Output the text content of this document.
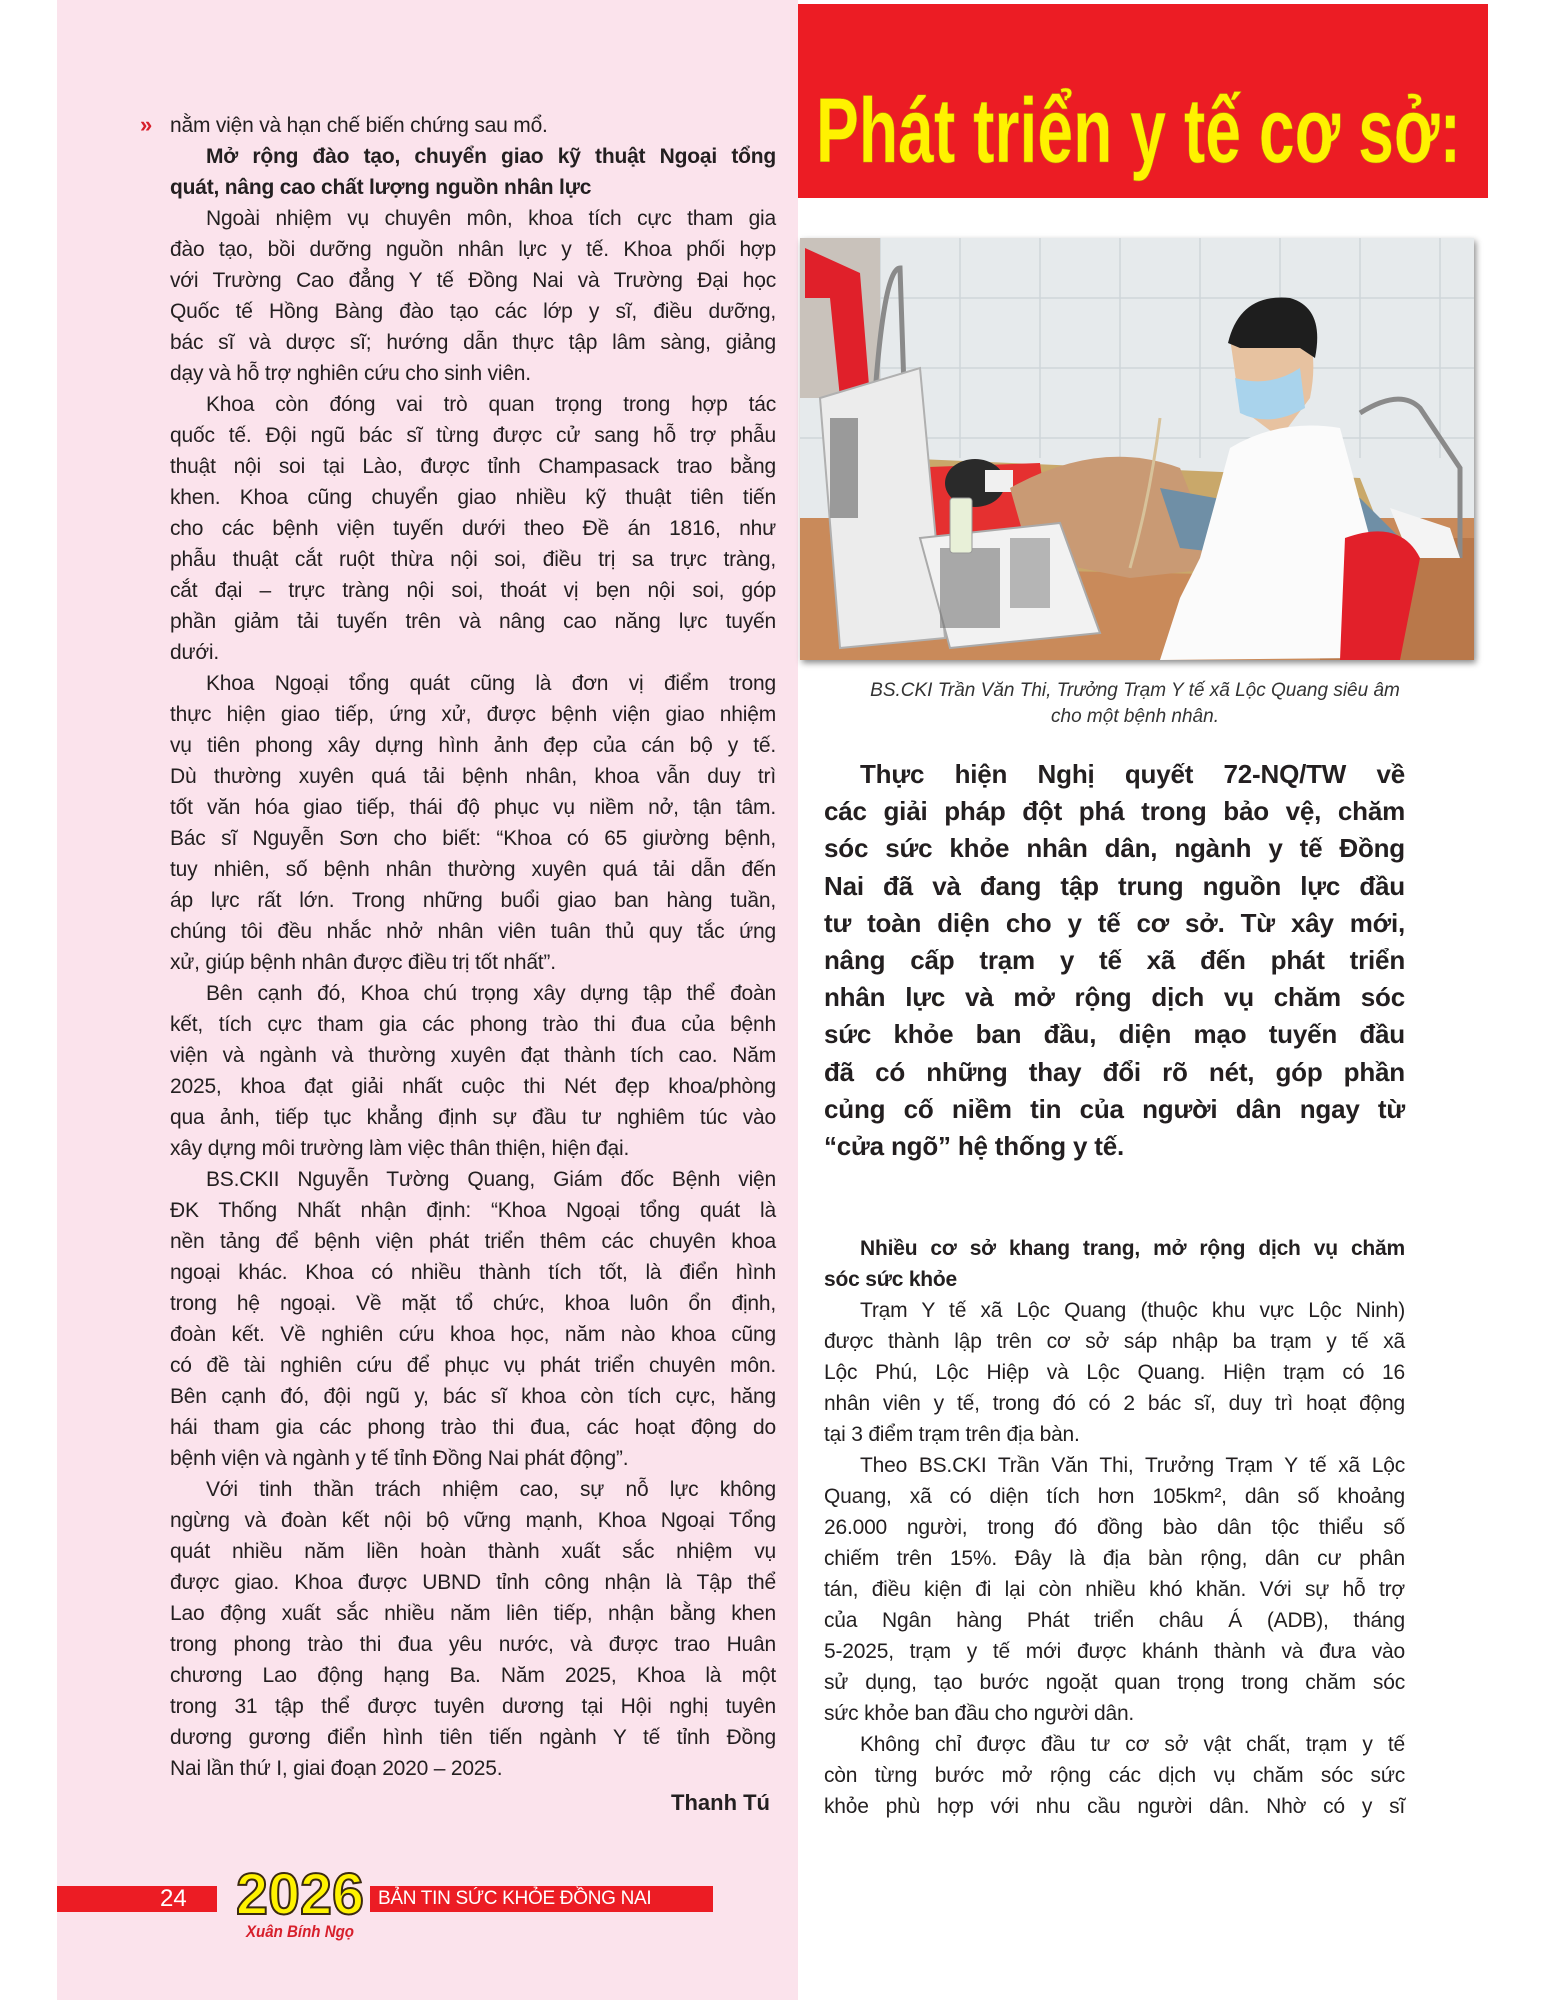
» nằm viện và hạn chế biến chứng sau mổ.
Mở rộng đào tạo, chuyển giao kỹ thuật Ngoại tổng
quát, nâng cao chất lượng nguồn nhân lực
Ngoài nhiệm vụ chuyên môn, khoa tích cực tham gia
đào tạo, bồi dưỡng nguồn nhân lực y tế. Khoa phối hợp
với Trường Cao đẳng Y tế Đồng Nai và Trường Đại học
Quốc tế Hồng Bàng đào tạo các lớp y sĩ, điều dưỡng,
bác sĩ và dược sĩ; hướng dẫn thực tập lâm sàng, giảng
dạy và hỗ trợ nghiên cứu cho sinh viên.
Khoa còn đóng vai trò quan trọng trong hợp tác
quốc tế. Đội ngũ bác sĩ từng được cử sang hỗ trợ phẫu
thuật nội soi tại Lào, được tỉnh Champasack trao bằng
khen. Khoa cũng chuyển giao nhiều kỹ thuật tiên tiến
cho các bệnh viện tuyến dưới theo Đề án 1816, như
phẫu thuật cắt ruột thừa nội soi, điều trị sa trực tràng,
cắt đại – trực tràng nội soi, thoát vị bẹn nội soi, góp
phần giảm tải tuyến trên và nâng cao năng lực tuyến
dưới.
Khoa Ngoại tổng quát cũng là đơn vị điểm trong
thực hiện giao tiếp, ứng xử, được bệnh viện giao nhiệm
vụ tiên phong xây dựng hình ảnh đẹp của cán bộ y tế.
Dù thường xuyên quá tải bệnh nhân, khoa vẫn duy trì
tốt văn hóa giao tiếp, thái độ phục vụ niềm nở, tận tâm.
Bác sĩ Nguyễn Sơn cho biết: “Khoa có 65 giường bệnh,
tuy nhiên, số bệnh nhân thường xuyên quá tải dẫn đến
áp lực rất lớn. Trong những buổi giao ban hàng tuần,
chúng tôi đều nhắc nhở nhân viên tuân thủ quy tắc ứng
xử, giúp bệnh nhân được điều trị tốt nhất”.
Bên cạnh đó, Khoa chú trọng xây dựng tập thể đoàn
kết, tích cực tham gia các phong trào thi đua của bệnh
viện và ngành và thường xuyên đạt thành tích cao. Năm
2025, khoa đạt giải nhất cuộc thi Nét đẹp khoa/phòng
qua ảnh, tiếp tục khẳng định sự đầu tư nghiêm túc vào
xây dựng môi trường làm việc thân thiện, hiện đại.
BS.CKII Nguyễn Tường Quang, Giám đốc Bệnh viện
ĐK Thống Nhất nhận định: “Khoa Ngoại tổng quát là
nền tảng để bệnh viện phát triển thêm các chuyên khoa
ngoại khác. Khoa có nhiều thành tích tốt, là điển hình
trong hệ ngoại. Về mặt tổ chức, khoa luôn ổn định,
đoàn kết. Về nghiên cứu khoa học, năm nào khoa cũng
có đề tài nghiên cứu để phục vụ phát triển chuyên môn.
Bên cạnh đó, đội ngũ y, bác sĩ khoa còn tích cực, hăng
hái tham gia các phong trào thi đua, các hoạt động do
bệnh viện và ngành y tế tỉnh Đồng Nai phát động”.
Với tinh thần trách nhiệm cao, sự nỗ lực không
ngừng và đoàn kết nội bộ vững mạnh, Khoa Ngoại Tổng
quát nhiều năm liền hoàn thành xuất sắc nhiệm vụ
được giao. Khoa được UBND tỉnh công nhận là Tập thể
Lao động xuất sắc nhiều năm liên tiếp, nhận bằng khen
trong phong trào thi đua yêu nước, và được trao Huân
chương Lao động hạng Ba. Năm 2025, Khoa là một
trong 31 tập thể được tuyên dương tại Hội nghị tuyên
dương gương điển hình tiên tiến ngành Y tế tỉnh Đồng
Nai lần thứ I, giai đoạn 2020 – 2025.
Thanh Tú
Phát triển y tế cơ sở:
BS.CKI Trần Văn Thi, Trưởng Trạm Y tế xã Lộc Quang siêu âm
cho một bệnh nhân.
Thực hiện Nghị quyết 72-NQ/TW về
các giải pháp đột phá trong bảo vệ, chăm
sóc sức khỏe nhân dân, ngành y tế Đồng
Nai đã và đang tập trung nguồn lực đầu
tư toàn diện cho y tế cơ sở. Từ xây mới,
nâng cấp trạm y tế xã đến phát triển
nhân lực và mở rộng dịch vụ chăm sóc
sức khỏe ban đầu, diện mạo tuyến đầu
đã có những thay đổi rõ nét, góp phần
củng cố niềm tin của người dân ngay từ
“cửa ngõ” hệ thống y tế.
Nhiều cơ sở khang trang, mở rộng dịch vụ chăm
sóc sức khỏe
Trạm Y tế xã Lộc Quang (thuộc khu vực Lộc Ninh)
được thành lập trên cơ sở sáp nhập ba trạm y tế xã
Lộc Phú, Lộc Hiệp và Lộc Quang. Hiện trạm có 16
nhân viên y tế, trong đó có 2 bác sĩ, duy trì hoạt động
tại 3 điểm trạm trên địa bàn.
Theo BS.CKI Trần Văn Thi, Trưởng Trạm Y tế xã Lộc
Quang, xã có diện tích hơn 105km², dân số khoảng
26.000 người, trong đó đồng bào dân tộc thiểu số
chiếm trên 15%. Đây là địa bàn rộng, dân cư phân
tán, điều kiện đi lại còn nhiều khó khăn. Với sự hỗ trợ
của Ngân hàng Phát triển châu Á (ADB), tháng
5-2025, trạm y tế mới được khánh thành và đưa vào
sử dụng, tạo bước ngoặt quan trọng trong chăm sóc
sức khỏe ban đầu cho người dân.
Không chỉ được đầu tư cơ sở vật chất, trạm y tế
còn từng bước mở rộng các dịch vụ chăm sóc sức
khỏe phù hợp với nhu cầu người dân. Nhờ có y sĩ
24 2026
Xuân Bính Ngọ
BẢN TIN SỨC KHỎE ĐỒNG NAI
